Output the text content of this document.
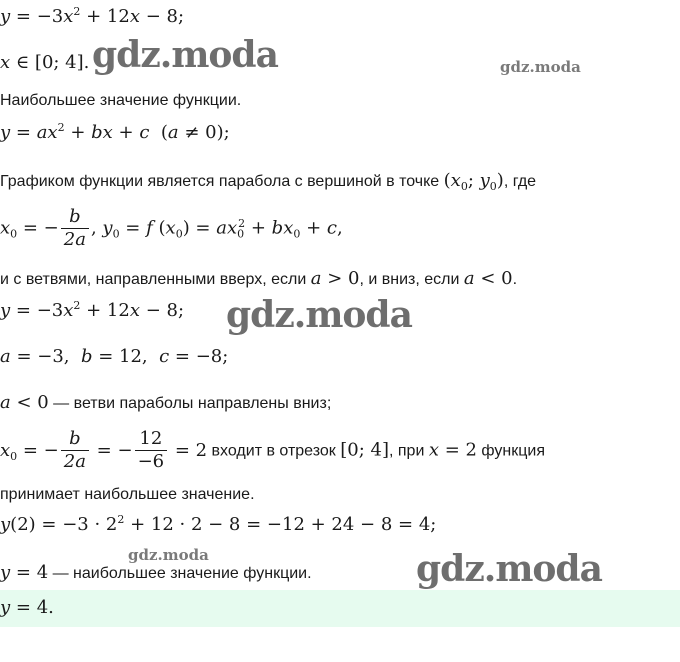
$y = -3x^2 + 12x - 8$;
x ∈ [0; 4].
Наибольшее значение функции.
$y = ax^2$ + bx + c  (a ≠ 0);
Графиком функции является парабола с вершиной в точке ($x_0$; $y_0$), где
$x_0$ = − $\frac{b}{2a}$ , $y_0 = f$ $(x_0) = ax_0^2 + bx_0 + c$,
и с ветвями, направленными вверх, если a > 0, и вниз, если a < 0.
$y = -3x^2 + 12x - 8$;
a = −3,  b = 12,  c = −8;
a < 0 — ветви параболы направлены вниз;
$x_0$ = − $\frac{b}{2a}$ = − $\frac{12}{-6} = 2$ входит в отрезок [0; 4], при x = 2 функция
принимает наибольшее значение.
$y(2) = -3 \cdot 2^2 + 12 \cdot 2 - 8 = -12 + 24 - 8 = 4$;
y = 4 — наибольшее значение функции.
y = 4.
gdz.moda	gdz.moda
gdz.moda
gdz.moda	gdz.moda
